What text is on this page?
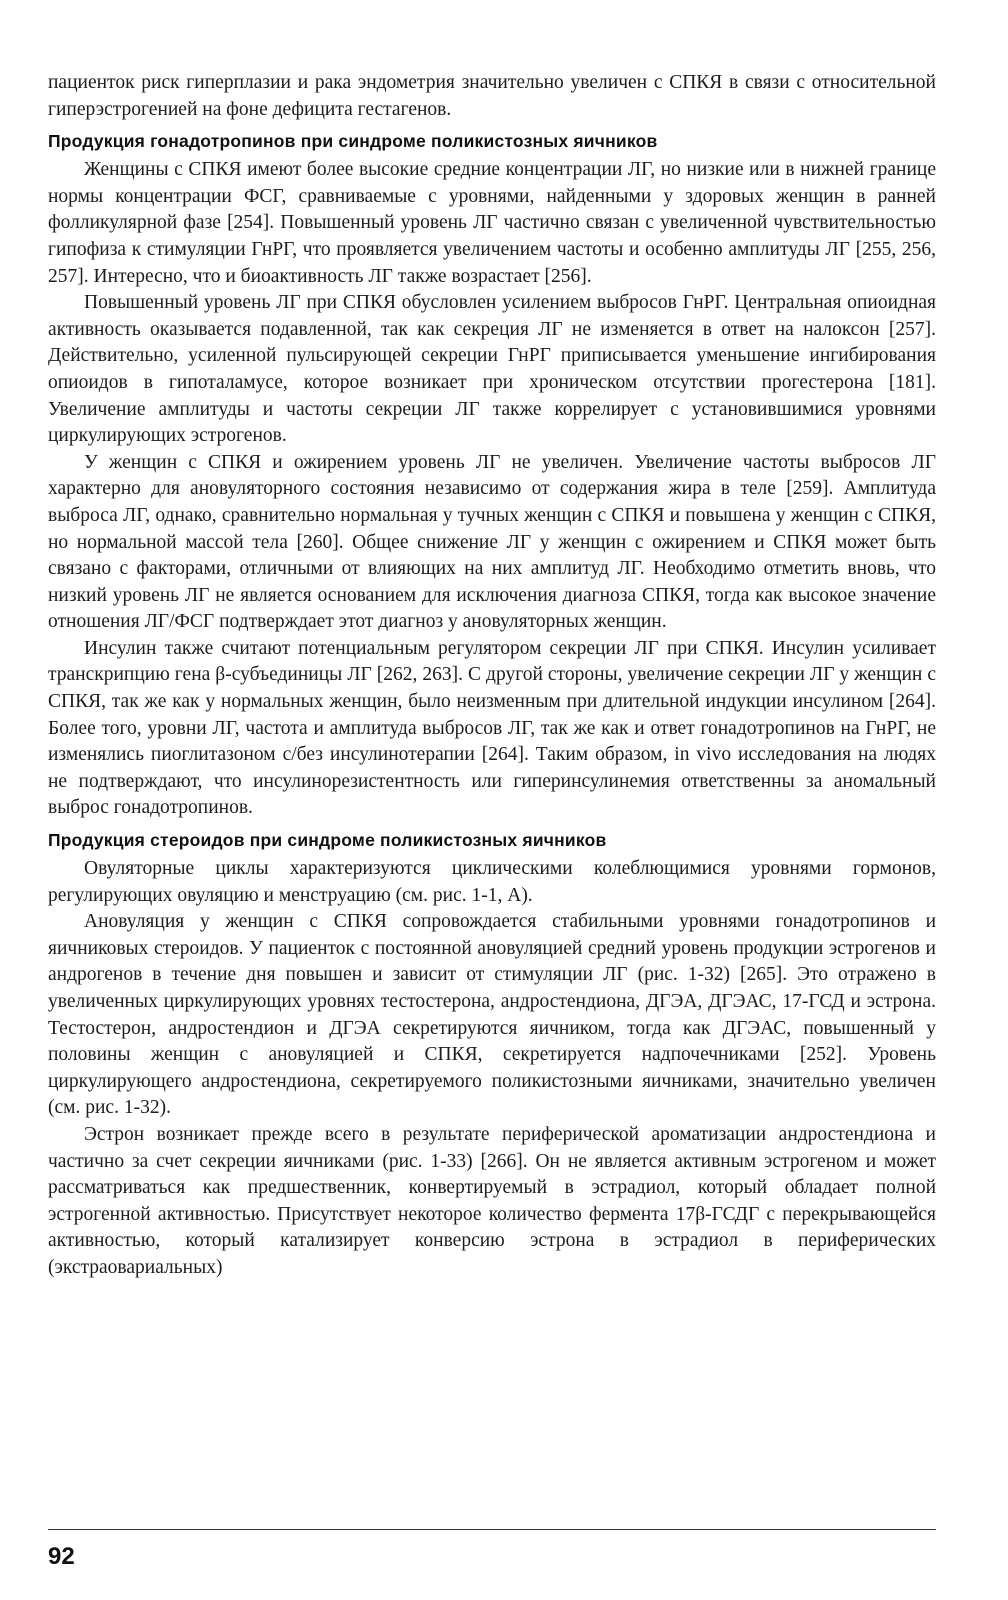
пациенток риск гиперплазии и рака эндометрия значительно увеличен с СПКЯ в связи с относительной гиперэстрогенией на фоне дефицита гестагенов.

Продукция гонадотропинов при синдроме поликистозных яичников

Женщины с СПКЯ имеют более высокие средние концентрации ЛГ, но низкие или в нижней границе нормы концентрации ФСГ, сравниваемые с уровнями, найденными у здоровых женщин в ранней фолликулярной фазе [254]. Повышенный уровень ЛГ частично связан с увеличенной чувствительностью гипофиза к стимуляции ГнРГ, что проявляется увеличением частоты и особенно амплитуды ЛГ [255, 256, 257]. Интересно, что и биоактивность ЛГ также возрастает [256].

Повышенный уровень ЛГ при СПКЯ обусловлен усилением выбросов ГнРГ. Центральная опиоидная активность оказывается подавленной, так как секреция ЛГ не изменяется в ответ на налоксон [257]. Действительно, усиленной пульсирующей секреции ГнРГ приписывается уменьшение ингибирования опиоидов в гипоталамусе, которое возникает при хроническом отсутствии прогестерона [181]. Увеличение амплитуды и частоты секреции ЛГ также коррелирует с установившимися уровнями циркулирующих эстрогенов.

У женщин с СПКЯ и ожирением уровень ЛГ не увеличен. Увеличение частоты выбросов ЛГ характерно для ановуляторного состояния независимо от содержания жира в теле [259]. Амплитуда выброса ЛГ, однако, сравнительно нормальная у тучных женщин с СПКЯ и повышена у женщин с СПКЯ, но нормальной массой тела [260]. Общее снижение ЛГ у женщин с ожирением и СПКЯ может быть связано с факторами, отличными от влияющих на них амплитуд ЛГ. Необходимо отметить вновь, что низкий уровень ЛГ не является основанием для исключения диагноза СПКЯ, тогда как высокое значение отношения ЛГ/ФСГ подтверждает этот диагноз у ановуляторных женщин.

Инсулин также считают потенциальным регулятором секреции ЛГ при СПКЯ. Инсулин усиливает транскрипцию гена β-субъединицы ЛГ [262, 263]. С другой стороны, увеличение секреции ЛГ у женщин с СПКЯ, так же как у нормальных женщин, было неизменным при длительной индукции инсулином [264]. Более того, уровни ЛГ, частота и амплитуда выбросов ЛГ, так же как и ответ гонадотропинов на ГнРГ, не изменялись пиоглитазоном с/без инсулинотерапии [264]. Таким образом, in vivo исследования на людях не подтверждают, что инсулинорезистентность или гиперинсулинемия ответственны за аномальный выброс гонадотропинов.

Продукция стероидов при синдроме поликистозных яичников

Овуляторные циклы характеризуются циклическими колеблющимися уровнями гормонов, регулирующих овуляцию и менструацию (см. рис. 1-1, А).

Ановуляция у женщин с СПКЯ сопровождается стабильными уровнями гонадотропинов и яичниковых стероидов. У пациенток с постоянной ановуляцией средний уровень продукции эстрогенов и андрогенов в течение дня повышен и зависит от стимуляции ЛГ (рис. 1-32) [265]. Это отражено в увеличенных циркулирующих уровнях тестостерона, андростендиона, ДГЭА, ДГЭАС, 17-ГСД и эстрона. Тестостерон, андростендион и ДГЭА секретируются яичником, тогда как ДГЭАС, повышенный у половины женщин с ановуляцией и СПКЯ, секретируется надпочечниками [252]. Уровень циркулирующего андростендиона, секретируемого поликистозными яичниками, значительно увеличен (см. рис. 1-32).

Эстрон возникает прежде всего в результате периферической ароматизации андростендиона и частично за счет секреции яичниками (рис. 1-33) [266]. Он не является активным эстрогеном и может рассматриваться как предшественник, конвертируемый в эстрадиол, который обладает полной эстрогенной активностью. Присутствует некоторое количество фермента 17β-ГСДГ с перекрывающейся активностью, который катализирует конверсию эстрона в эстрадиол в периферических (экстраовариальных)

92
